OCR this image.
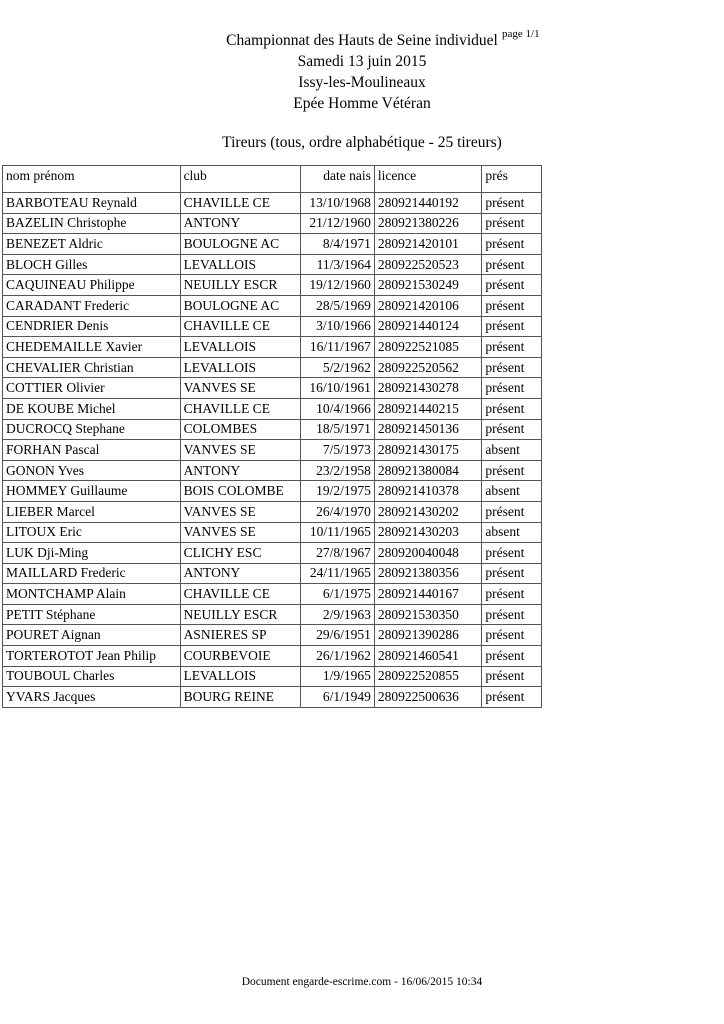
Championnat des Hauts de Seine individuel
Samedi 13 juin 2015
Issy-les-Moulineaux
Epée Homme Vétéran
page 1/1
Tireurs (tous, ordre alphabétique - 25 tireurs)
nom prénom	club	date nais	licence	prés
BARBOTEAU Reynald	CHAVILLE CE	13/10/1968	280921440192	présent
BAZELIN Christophe	ANTONY	21/12/1960	280921380226	présent
BENEZET Aldric	BOULOGNE AC	8/4/1971	280921420101	présent
BLOCH Gilles	LEVALLOIS	11/3/1964	280922520523	présent
CAQUINEAU Philippe	NEUILLY ESCR	19/12/1960	280921530249	présent
CARADANT Frederic	BOULOGNE AC	28/5/1969	280921420106	présent
CENDRIER Denis	CHAVILLE CE	3/10/1966	280921440124	présent
CHEDEMAILLE Xavier	LEVALLOIS	16/11/1967	280922521085	présent
CHEVALIER Christian	LEVALLOIS	5/2/1962	280922520562	présent
COTTIER Olivier	VANVES SE	16/10/1961	280921430278	présent
DE KOUBE Michel	CHAVILLE CE	10/4/1966	280921440215	présent
DUCROCQ Stephane	COLOMBES	18/5/1971	280921450136	présent
FORHAN Pascal	VANVES SE	7/5/1973	280921430175	absent
GONON Yves	ANTONY	23/2/1958	280921380084	présent
HOMMEY Guillaume	BOIS COLOMBE	19/2/1975	280921410378	absent
LIEBER Marcel	VANVES SE	26/4/1970	280921430202	présent
LITOUX Eric	VANVES SE	10/11/1965	280921430203	absent
LUK Dji-Ming	CLICHY ESC	27/8/1967	280920040048	présent
MAILLARD Frederic	ANTONY	24/11/1965	280921380356	présent
MONTCHAMP Alain	CHAVILLE CE	6/1/1975	280921440167	présent
PETIT Stéphane	NEUILLY ESCR	2/9/1963	280921530350	présent
POURET Aignan	ASNIERES SP	29/6/1951	280921390286	présent
TORTEROTOT Jean Philip	COURBEVOIE	26/1/1962	280921460541	présent
TOUBOUL Charles	LEVALLOIS	1/9/1965	280922520855	présent
YVARS Jacques	BOURG REINE	6/1/1949	280922500636	présent
Document engarde-escrime.com - 16/06/2015 10:34
